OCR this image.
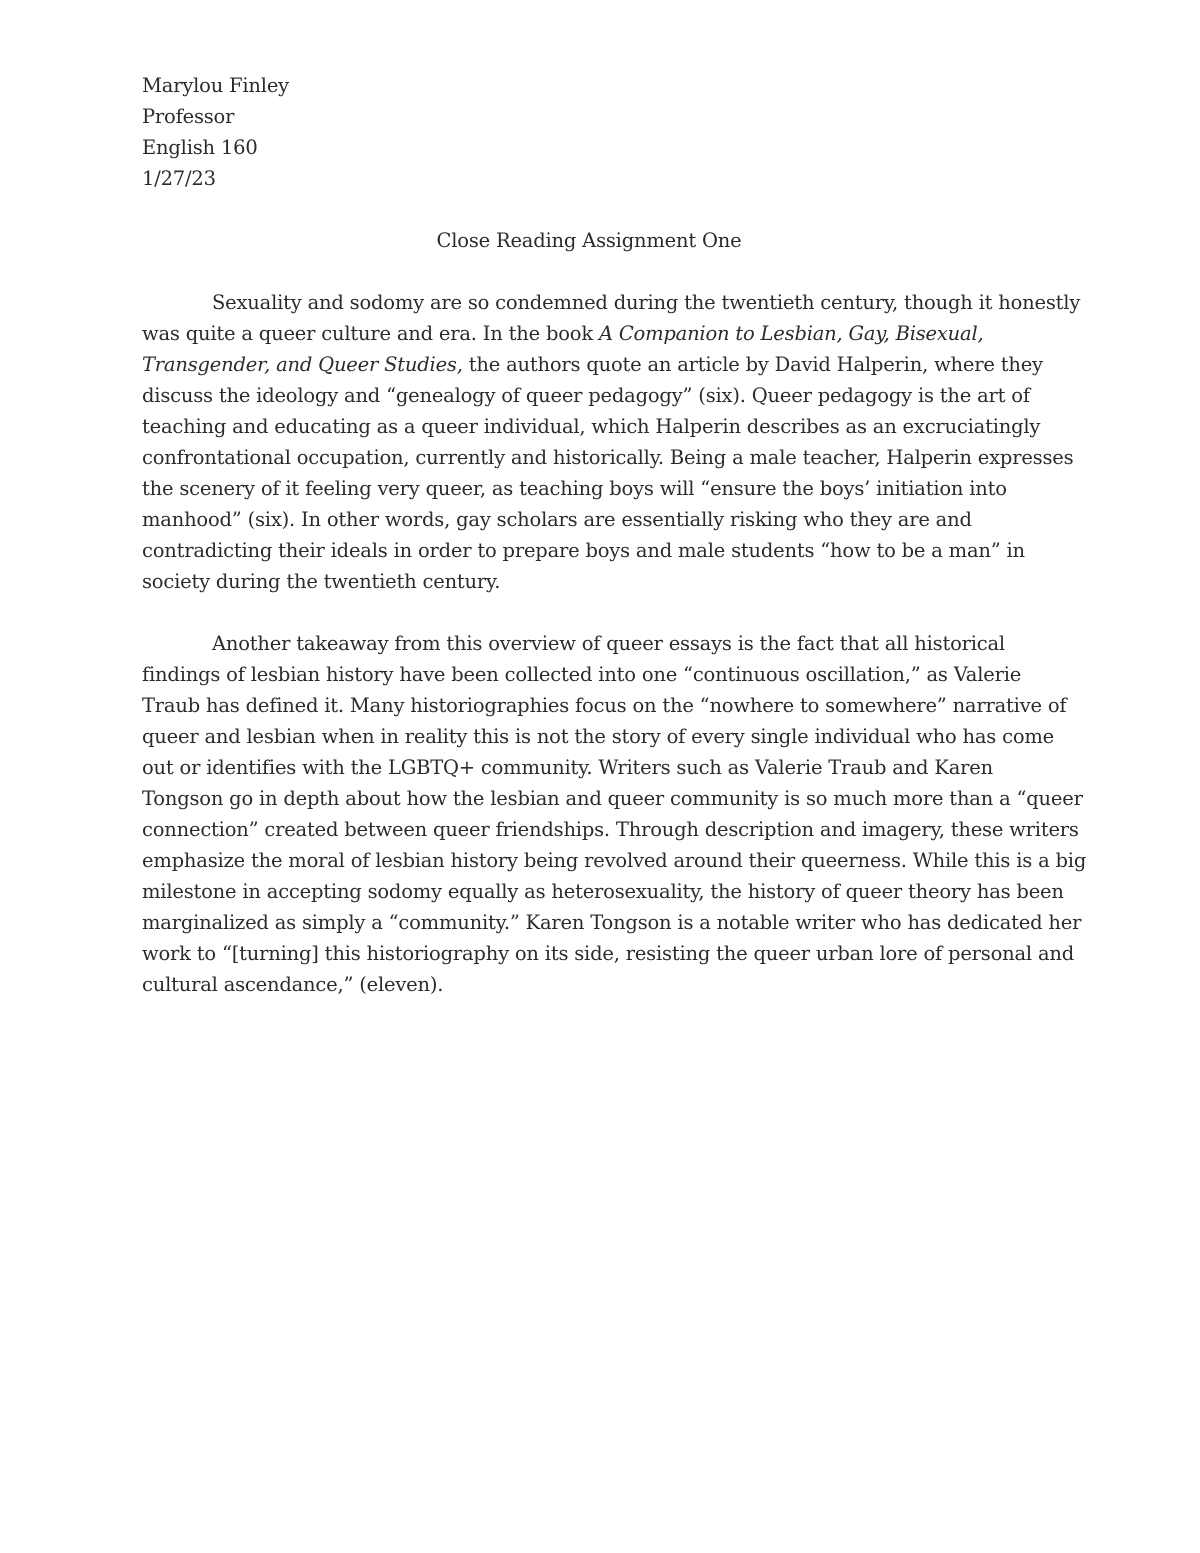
Marylou Finley

Professor

English 160

1/27/23

Close Reading Assignment One

Sexuality and sodomy are so condemned during the twentieth century, though it honestly
was quite a queer culture and era. In the book A Companion to Lesbian, Gay, Bisexual,
Transgender, and Queer Studies, the authors quote an article by David Halperin, where they
discuss the ideology and “genealogy of queer pedagogy” (six). Queer pedagogy is the art of
teaching and educating as a queer individual, which Halperin describes as an excruciatingly
confrontational occupation, currently and historically. Being a male teacher, Halperin expresses
the scenery of it feeling very queer, as teaching boys will “ensure the boys’ initiation into
manhood” (six). In other words, gay scholars are essentially risking who they are and
contradicting their ideals in order to prepare boys and male students “how to be a man” in
society during the twentieth century.

Another takeaway from this overview of queer essays is the fact that all historical
findings of lesbian history have been collected into one “continuous oscillation,” as Valerie
Traub has defined it. Many historiographies focus on the “nowhere to somewhere” narrative of
queer and lesbian when in reality this is not the story of every single individual who has come
out or identifies with the LGBTQ+ community. Writers such as Valerie Traub and Karen
Tongson go in depth about how the lesbian and queer community is so much more than a “queer
connection” created between queer friendships. Through description and imagery, these writers
emphasize the moral of lesbian history being revolved around their queerness. While this is a big
milestone in accepting sodomy equally as heterosexuality, the history of queer theory has been
marginalized as simply a “community.” Karen Tongson is a notable writer who has dedicated her
work to “[turning] this historiography on its side, resisting the queer urban lore of personal and
cultural ascendance,” (eleven).
